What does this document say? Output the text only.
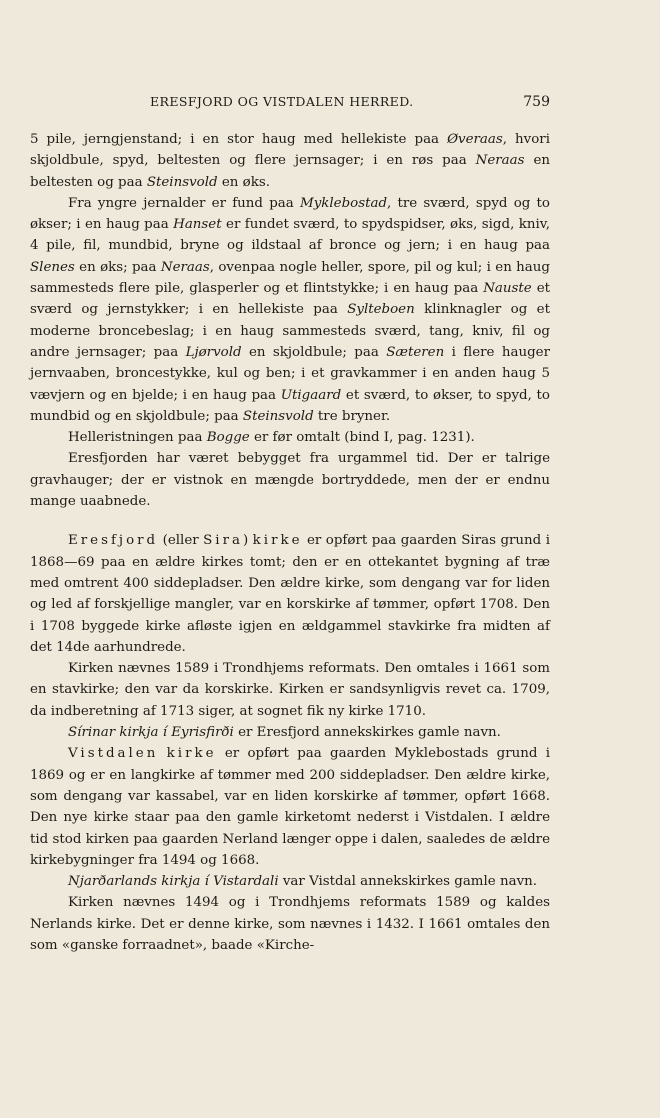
ERESFJORD OG VISTDALEN HERRED.	759

5 pile, jerngjenstand; i en stor haug med hellekiste paa Øveraas, hvori skjoldbule, spyd, beltesten og flere jernsager; i en røs paa Neraas en beltesten og paa Steinsvold en øks.

Fra yngre jernalder er fund paa Myklebostad, tre sværd, spyd og to økser; i en haug paa Hanset er fundet sværd, to spydspidser, øks, sigd, kniv, 4 pile, fil, mundbid, bryne og ildstaal af bronce og jern; i en haug paa Slenes en øks; paa Neraas, ovenpaa nogle heller, spore, pil og kul; i en haug sammesteds flere pile, glasperler og et flintstykke; i en haug paa Nauste et sværd og jernstykker; i en hellekiste paa Sylteboen klinknagler og et moderne broncebeslag; i en haug sammesteds sværd, tang, kniv, fil og andre jernsager; paa Ljørvold en skjoldbule; paa Sæteren i flere hauger jernvaaben, broncestykke, kul og ben; i et gravkammer i en anden haug 5 vævjern og en bjelde; i en haug paa Utigaard et sværd, to økser, to spyd, to mundbid og en skjoldbule; paa Steinsvold tre bryner.

Helleristningen paa Bogge er før omtalt (bind I, pag. 1231).

Eresfjorden har været bebygget fra urgammel tid. Der er talrige gravhauger; der er vistnok en mængde bortryddede, men der er endnu mange uaabnede.

Eresfjord (eller Sira) kirke er opført paa gaarden Siras grund i 1868—69 paa en ældre kirkes tomt; den er en ottekantet bygning af træ med omtrent 400 siddepladser. Den ældre kirke, som dengang var for liden og led af forskjellige mangler, var en korskirke af tømmer, opført 1708. Den i 1708 byggede kirke afløste igjen en ældgammel stavkirke fra midten af det 14de aarhundrede.

Kirken nævnes 1589 i Trondhjems reformats. Den omtales i 1661 som en stavkirke; den var da korskirke. Kirken er sandsynligvis revet ca. 1709, da indberetning af 1713 siger, at sognet fik ny kirke 1710.

Sírinar kirkja í Eyrisfirði er Eresfjord annekskirkes gamle navn.

Vistdalen kirke er opført paa gaarden Myklebostads grund i 1869 og er en langkirke af tømmer med 200 siddepladser. Den ældre kirke, som dengang var kassabel, var en liden korskirke af tømmer, opført 1668. Den nye kirke staar paa den gamle kirketomt nederst i Vistdalen. I ældre tid stod kirken paa gaarden Nerland længer oppe i dalen, saaledes de ældre kirkebygninger fra 1494 og 1668.

Njarðarlands kirkja í Vistardali var Vistdal annekskirkes gamle navn.

Kirken nævnes 1494 og i Trondhjems reformats 1589 og kaldes Nerlands kirke. Det er denne kirke, som nævnes i 1432. I 1661 omtales den som «ganske forraadnet», baade «Kirche-
